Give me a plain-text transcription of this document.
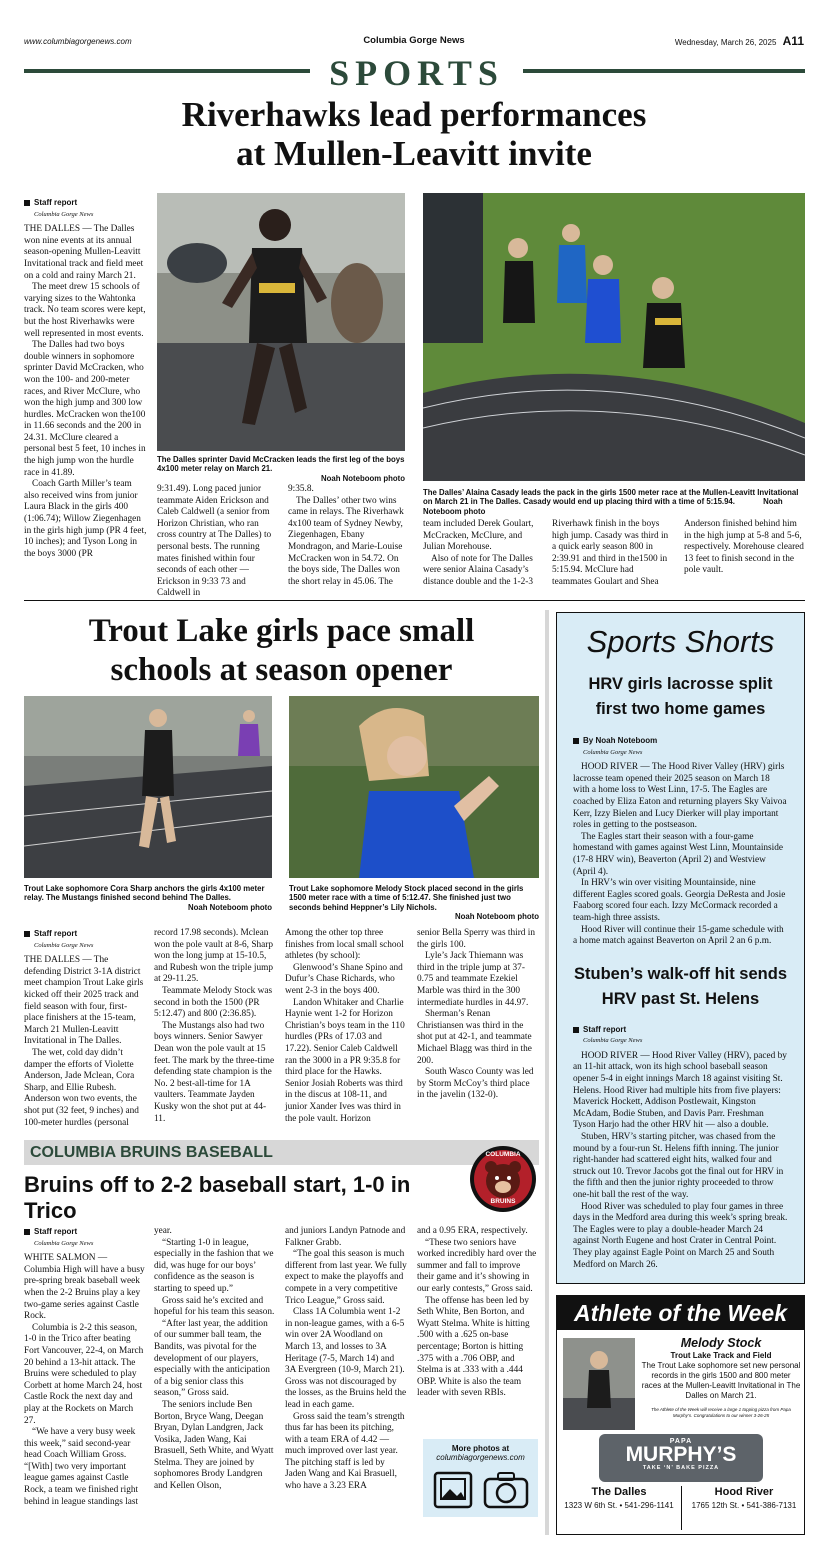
www.columbiagorgenews.com	Columbia Gorge News	Wednesday, March 26, 2025 A11
SPORTS
Riverhawks lead performances
at Mullen-Leavitt invite
Staff report
Columbia Gorge News

THE DALLES — The Dalles won nine events at its annual season-opening Mullen-Leavitt Invitational track and field meet on a cold and rainy March 21.

The meet drew 15 schools of varying sizes to the Wahtonka track. No team scores were kept, but the host Riverhawks were well represented in most events.

The Dalles had two boys double winners in sophomore sprinter David McCracken, who won the 100- and 200-meter races, and River McClure, who won the high jump and 300 low hurdles. McCracken won the100 in 11.66 seconds and the 200 in 24.31. McClure cleared a personal best 5 feet, 10 inches in the high jump won the hurdle race in 41.89.

Coach Garth Miller’s team also received wins from junior Laura Black in the girls 400 (1:06.74); Willow Ziegenhagen in the girls high jump (PR 4 feet, 10 inches); and Tyson Long in the boys 3000 (PR

The Dalles sprinter David McCracken leads the first leg of the boys 4x100 meter relay on March 21.
Noah Noteboom photo
The Dalles’ Alaina Casady leads the pack in the girls 1500 meter race at the Mullen-Leavitt Invitational on March 21 in The Dalles. Casady would end up placing third with a time of 5:15.94.	Noah Noteboom photo

9:31.49). Long paced junior teammate Aiden Erickson and Caleb Caldwell (a senior from Horizon Christian, who ran cross country at The Dalles) to personal bests. The running mates finished within four seconds of each other — Erickson in 9:33 73 and Caldwell in

9:35.8.

The Dalles’ other two wins came in relays. The Riverhawk 4x100 team of Sydney Newby, Ziegenhagen, Ebany Mondragon, and Marie-Louise McCracken won in 54.72. On the boys side, The Dalles won the short relay in 45.06. The

team included Derek Goulart, McCracken, McClure, and Julian Morehouse.

Also of note for The Dalles were senior Alaina Casady’s distance double and the 1-2-3

Riverhawk finish in the boys high jump. Casady was third in a quick early season 800 in 2:39.91 and third in the1500 in 5:15.94. McClure had teammates Goulart and Shea

Anderson finished behind him in the high jump at 5-8 and 5-6, respectively. Morehouse cleared 13 feet to finish second in the pole vault.

Trout Lake girls pace small
schools at season opener
Trout Lake sophomore Cora Sharp anchors the girls 4x100 meter relay. The Mustangs finished second behind The Dalles.
Noah Noteboom photo
Trout Lake sophomore Melody Stock placed second in the girls 1500 meter race with a time of 5:12.47. She finished just two seconds behind Heppner’s Lily Nichols.
Noah Noteboom photo
Staff report
Columbia Gorge News

THE DALLES — The defending District 3-1A district meet champion Trout Lake girls kicked off their 2025 track and field season with four, first-place finishers at the 15-team, March 21 Mullen-Leavitt Invitational in The Dalles.

The wet, cold day didn’t damper the efforts of Violette Anderson, Jade Mclean, Cora Sharp, and Ellie Rubesh. Anderson won two events, the shot put (32 feet, 9 inches) and 100-meter hurdles (personal

record 17.98 seconds). Mclean won the pole vault at 8-6, Sharp won the long jump at 15-10.5, and Rubesh won the triple jump at 29-11.25.

Teammate Melody Stock was second in both the 1500 (PR 5:12.47) and 800 (2:36.85).

The Mustangs also had two boys winners. Senior Sawyer Dean won the pole vault at 15 feet. The mark by the three-time defending state champion is the No. 2 best-all-time for 1A vaulters. Teammate Jayden Kusky won the shot put at 44-11.

Among the other top three finishes from local small school athletes (by school):

Glenwood’s Shane Spino and Dufur’s Chase Richards, who went 2-3 in the boys 400.

Landon Whitaker and Charlie Haynie went 1-2 for Horizon Christian’s boys team in the 110 hurdles (PRs of 17.03 and 17.22). Senior Caleb Caldwell ran the 3000 in a PR 9:35.8 for third place for the Hawks. Senior Josiah Roberts was third in the discus at 108-11, and junior Xander Ives was third in the pole vault. Horizon

senior Bella Sperry was third in the girls 100.

Lyle’s Jack Thiemann was third in the triple jump at 37-0.75 and teammate Ezekiel Marble was third in the 300 intermediate hurdles in 44.97.

Sherman’s Renan Christiansen was third in the shot put at 42-1, and teammate Michael Blagg was third in the 200.

South Wasco County was led by Storm McCoy’s third place in the javelin (132-0).

COLUMBIA BRUINS BASEBALL
Bruins off to 2-2 baseball start, 1-0 in Trico
COLUMBIA
BRUINS
Staff report
Columbia Gorge News

WHITE SALMON — Columbia High will have a busy pre-spring break baseball week when the 2-2 Bruins play a key two-game series against Castle Rock.

Columbia is 2-2 this season, 1-0 in the Trico after beating Fort Vancouver, 22-4, on March 20 behind a 13-hit attack. The Bruins were scheduled to play Corbett at home March 24, host Castle Rock the next day and play at the Rockets on March 27.

“We have a very busy week this week,” said second-year head Coach William Gross. “[With] two very important league games against Castle Rock, a team we finished right behind in league standings last

year.

“Starting 1-0 in league, especially in the fashion that we did, was huge for our boys’ confidence as the season is starting to speed up.”

Gross said he’s excited and hopeful for his team this season.

“After last year, the addition of our summer ball team, the Bandits, was pivotal for the development of our players, especially with the anticipation of a big senior class this season,” Gross said.

The seniors include Ben Borton, Bryce Wang, Deegan Bryan, Dylan Landgren, Jack Vosika, Jaden Wang, Kai Brasuell, Seth White, and Wyatt Stelma. They are joined by sophomores Brody Landgren and Kellen Olson,

and juniors Landyn Patnode and Falkner Grabb.

“The goal this season is much different from last year. We fully expect to make the playoffs and compete in a very competitive Trico League,” Gross said.

Class 1A Columbia went 1-2 in non-league games, with a 6-5 win over 2A Woodland on March 13, and losses to 3A Heritage (7-5, March 14) and 3A Evergreen (10-9, March 21). Gross was not discouraged by the losses, as the Bruins held the lead in each game.

Gross said the team’s strength thus far has been its pitching, with a team ERA of 4.42 — much improved over last year. The pitching staff is led by Jaden Wang and Kai Brasuell, who have a 3.23 ERA

and a 0.95 ERA, respectively.

“These two seniors have worked incredibly hard over the summer and fall to improve their game and it’s showing in our early contests,” Gross said.

The offense has been led by Seth White, Ben Borton, and Wyatt Stelma. White is hitting .500 with a .625 on-base percentage; Borton is hitting .375 with a .706 OBP, and Stelma is at .333 with a .444 OBP. White is also the team leader with seven RBIs.

More photos at
columbiagorgenews.com
Sports Shorts
HRV girls lacrosse split
first two home games
By Noah Noteboom
Columbia Gorge News

HOOD RIVER — The Hood River Valley (HRV) girls lacrosse team opened their 2025 season on March 18 with a home loss to West Linn, 17-5. The Eagles are coached by Eliza Eaton and returning players Sky Vaivoa Kerr, Izzy Bielen and Lucy Dierker will play important roles in getting to the postseason.

The Eagles start their season with a four-game homestand with games against West Linn, Mountainside (17-8 HRV win), Beaverton (April 2) and Westview (April 4).

In HRV’s win over visiting Mountainside, nine different Eagles scored goals. Georgia DeResta and Josie Faaborg scored four each. Izzy McCormack recorded a team-high three assists.

Hood River will continue their 15-game schedule with a home match against Beaverton on April 2 an 6 p.m.

Stuben’s walk-off hit sends
HRV past St. Helens
Staff report
Columbia Gorge News

HOOD RIVER — Hood River Valley (HRV), paced by an 11-hit attack, won its high school baseball season opener 5-4 in eight innings March 18 against visiting St. Helens. Hood River had multiple hits from five players: Maverick Hockett, Addison Postlewait, Kingston McAdam, Bodie Stuben, and Davis Parr. Freshman Tyson Harjo had the other HRV hit — also a double.

Stuben, HRV’s starting pitcher, was chased from the mound by a four-run St. Helens fifth inning. The junior right-hander had scattered eight hits, walked four and struck out 10. Trevor Jacobs got the final out for HRV in the fifth and then the junior righty proceeded to throw one-hit ball the rest of the way.

Hood River was scheduled to play four games in three days in the Medford area during this week’s spring break. The Eagles were to play a double-header March 24 against North Eugene and host Crater in Central Point. They play against Eagle Point on March 25 and South Medford on March 26.

Athlete of the Week
Melody Stock
Trout Lake Track and Field
The Trout Lake sophomore set new personal records in the girls 1500 and 800 meter races at the Mullen-Leavitt Invitational in The Dalles on March 21.
The Athlete of the Week will receive a large 1 topping pizza from Papa Murphy’s. Congratulations to our winner 3-26-25
PAPA
MURPHY’S
TAKE ‘N’ BAKE PIZZA
The Dalles
1323 W 6th St. • 541-296-1141
Hood River
1765 12th St. • 541-386-7131
